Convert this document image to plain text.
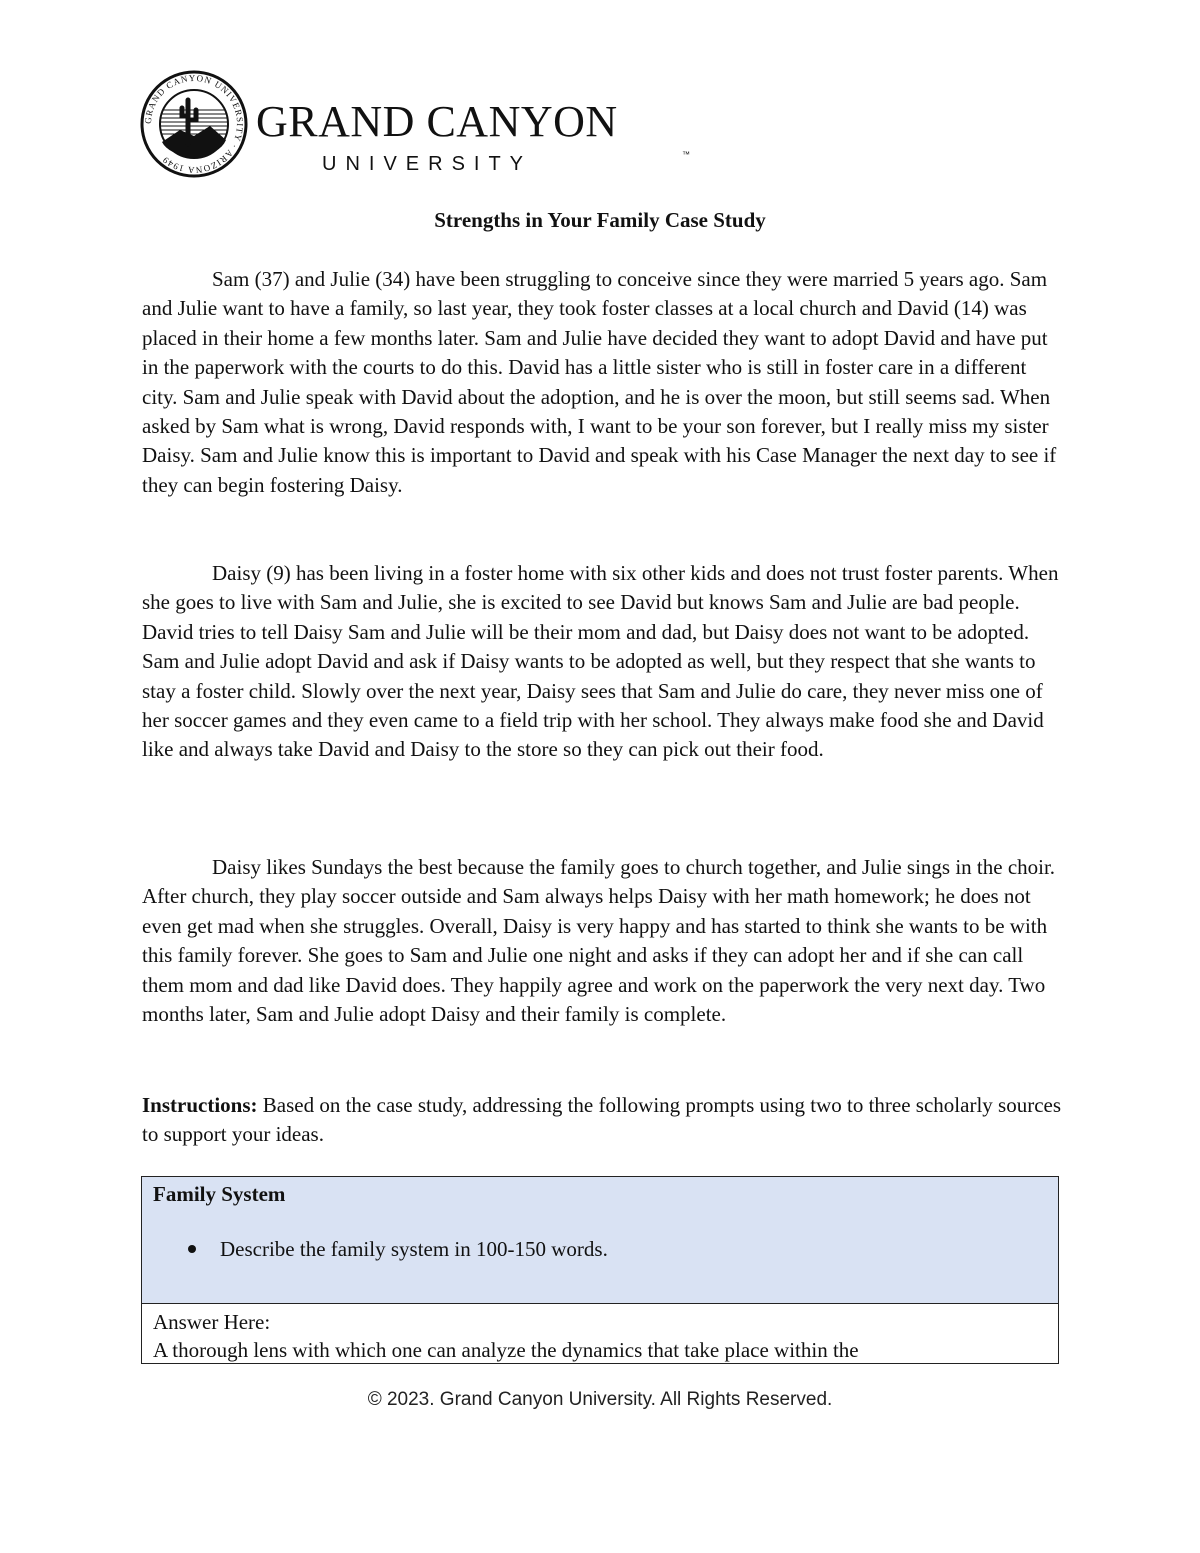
GRAND CANYON UNIVERSITY · ARIZONA 1949
GRAND CANYON
UNIVERSITY	™
Strengths in Your Family Case Study

Sam (37) and Julie (34) have been struggling to conceive since they were married 5 years ago. Sam and Julie want to have a family, so last year, they took foster classes at a local church and David (14) was placed in their home a few months later. Sam and Julie have decided they want to adopt David and have put in the paperwork with the courts to do this. David has a little sister who is still in foster care in a different city. Sam and Julie speak with David about the adoption, and he is over the moon, but still seems sad. When asked by Sam what is wrong, David responds with, I want to be your son forever, but I really miss my sister Daisy. Sam and Julie know this is important to David and speak with his Case Manager the next day to see if they can begin fostering Daisy.

Daisy (9) has been living in a foster home with six other kids and does not trust foster parents. When she goes to live with Sam and Julie, she is excited to see David but knows Sam and Julie are bad people. David tries to tell Daisy Sam and Julie will be their mom and dad, but Daisy does not want to be adopted. Sam and Julie adopt David and ask if Daisy wants to be adopted as well, but they respect that she wants to stay a foster child. Slowly over the next year, Daisy sees that Sam and Julie do care, they never miss one of her soccer games and they even came to a field trip with her school. They always make food she and David like and always take David and Daisy to the store so they can pick out their food.

Daisy likes Sundays the best because the family goes to church together, and Julie sings in the choir. After church, they play soccer outside and Sam always helps Daisy with her math homework; he does not even get mad when she struggles. Overall, Daisy is very happy and has started to think she wants to be with this family forever. She goes to Sam and Julie one night and asks if they can adopt her and if she can call them mom and dad like David does. They happily agree and work on the paperwork the very next day. Two months later, Sam and Julie adopt Daisy and their family is complete.

Instructions: Based on the case study, addressing the following prompts using two to three scholarly sources to support your ideas.

Family System
Describe the family system in 100-150 words.
Answer Here:
A thorough lens with which one can analyze the dynamics that take place within the
© 2023. Grand Canyon University. All Rights Reserved.
